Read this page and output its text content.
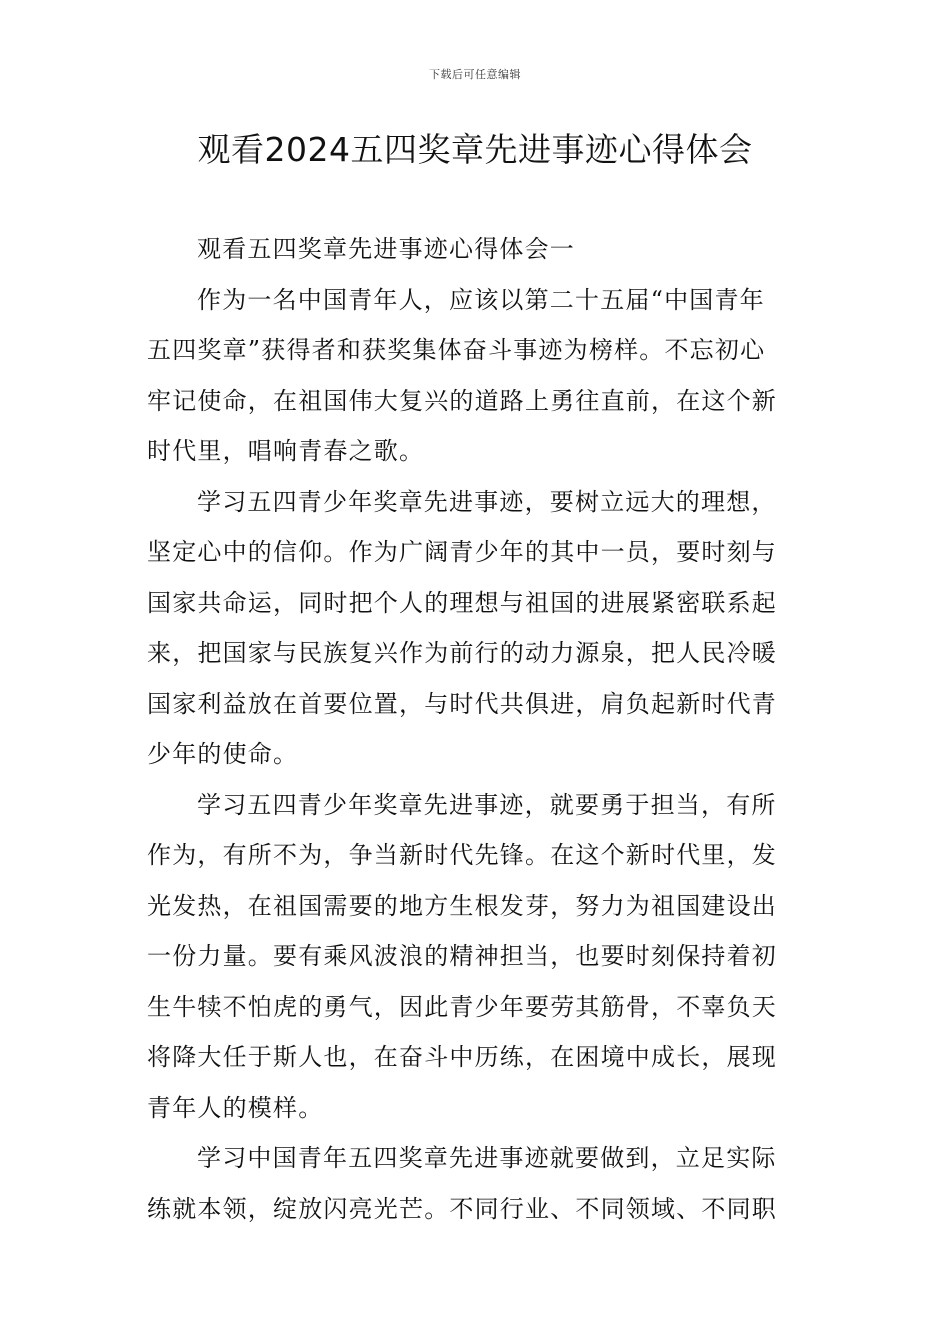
下载后可任意编辑
观看2024五四奖章先进事迹心得体会

观看五四奖章先进事迹心得体会一

作为一名中国青年人，应该以第二十五届“中国青年
五四奖章”获得者和获奖集体奋斗事迹为榜样。不忘初心
牢记使命，在祖国伟大复兴的道路上勇往直前，在这个新
时代里，唱响青春之歌。

学习五四青少年奖章先进事迹，要树立远大的理想，
坚定心中的信仰。作为广阔青少年的其中一员，要时刻与
国家共命运，同时把个人的理想与祖国的进展紧密联系起
来，把国家与民族复兴作为前行的动力源泉，把人民冷暖
国家利益放在首要位置，与时代共俱进，肩负起新时代青
少年的使命。

学习五四青少年奖章先进事迹，就要勇于担当，有所
作为，有所不为，争当新时代先锋。在这个新时代里，发
光发热，在祖国需要的地方生根发芽，努力为祖国建设出
一份力量。要有乘风波浪的精神担当，也要时刻保持着初
生牛犊不怕虎的勇气，因此青少年要劳其筋骨，不辜负天
将降大任于斯人也，在奋斗中历练，在困境中成长，展现
青年人的模样。

学习中国青年五四奖章先进事迹就要做到，立足实际
练就本领，绽放闪亮光芒。不同行业、不同领域、不同职
